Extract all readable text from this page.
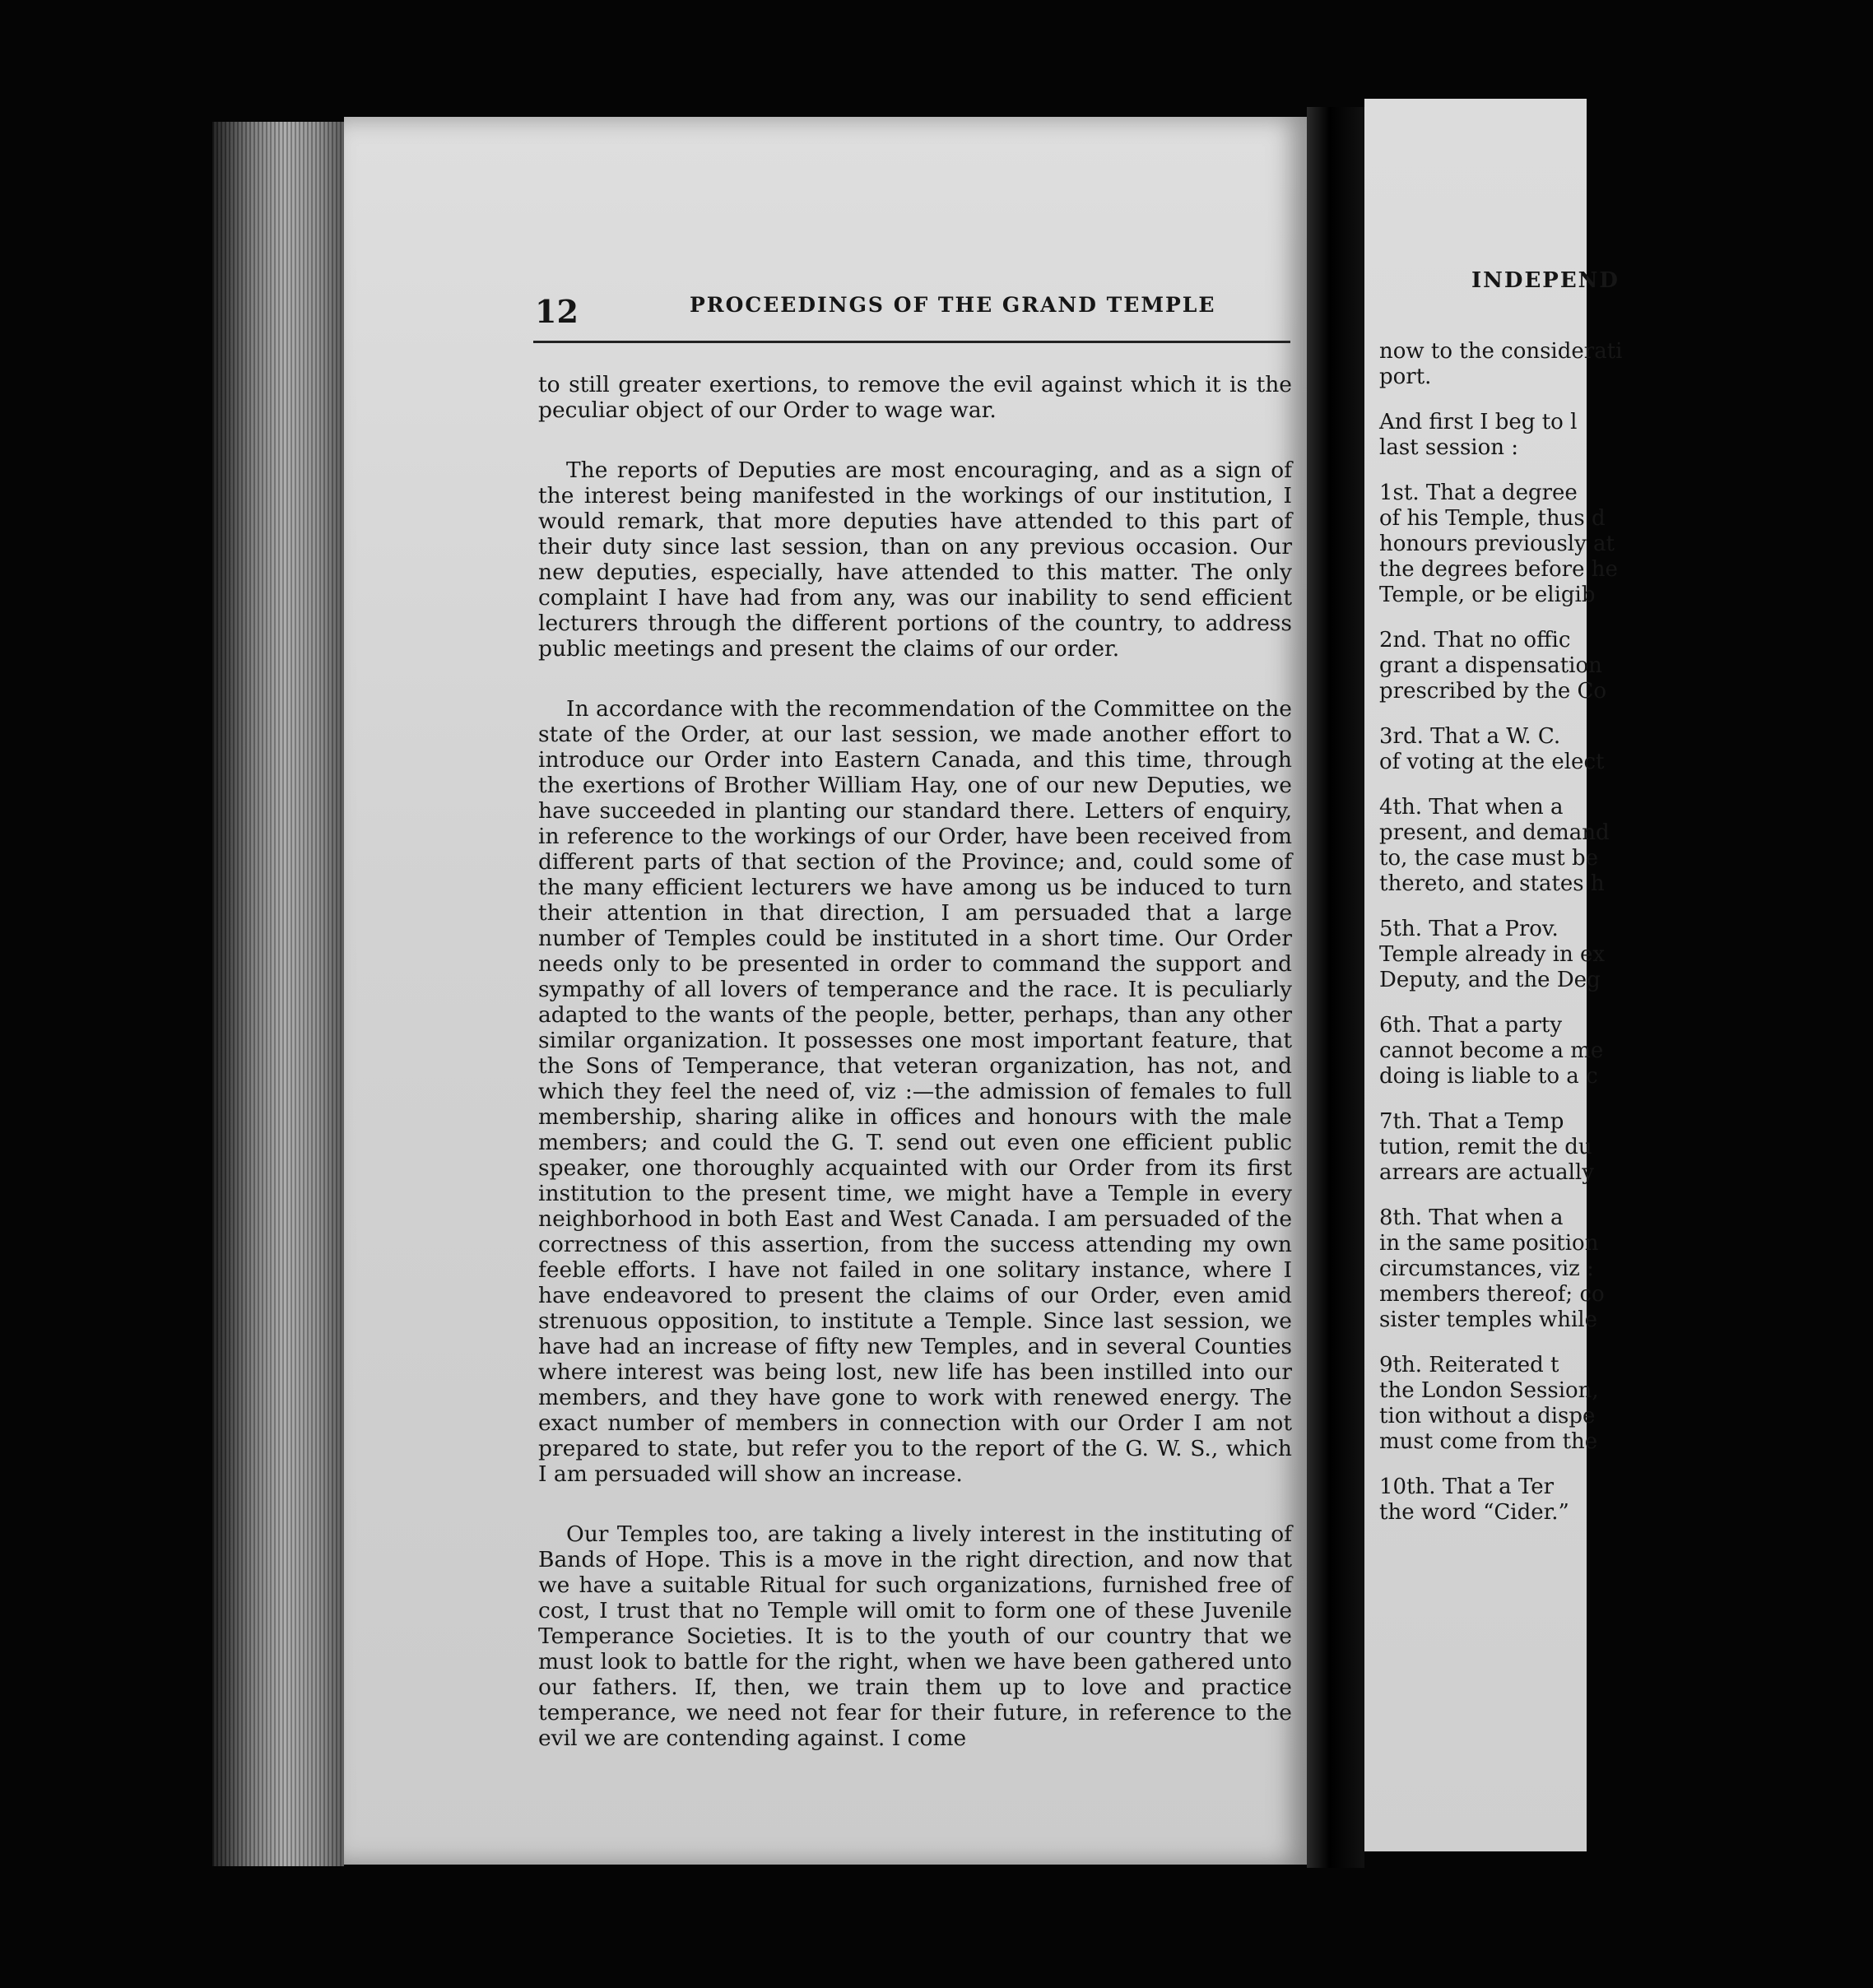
12	PROCEEDINGS OF THE GRAND TEMPLE

to still greater exertions, to remove the evil against which it is the peculiar object of our Order to wage war.

The reports of Deputies are most encouraging, and as a sign of the interest being manifested in the workings of our institution, I would remark, that more deputies have attended to this part of their duty since last session, than on any previous occasion. Our new deputies, especially, have attended to this matter. The only complaint I have had from any, was our inability to send efficient lecturers through the different portions of the country, to address public meetings and present the claims of our order.

In accordance with the recommendation of the Committee on the state of the Order, at our last session, we made another effort to introduce our Order into Eastern Canada, and this time, through the exertions of Brother William Hay, one of our new Deputies, we have succeeded in planting our standard there. Letters of enquiry, in reference to the workings of our Order, have been received from different parts of that section of the Province; and, could some of the many efficient lecturers we have among us be induced to turn their attention in that direction, I am persuaded that a large number of Temples could be instituted in a short time. Our Order needs only to be presented in order to command the support and sympathy of all lovers of temperance and the race. It is peculiarly adapted to the wants of the people, better, perhaps, than any other similar organization. It possesses one most important feature, that the Sons of Temperance, that veteran organization, has not, and which they feel the need of, viz :—the admission of females to full membership, sharing alike in offices and honours with the male members; and could the G. T. send out even one efficient public speaker, one thoroughly acquainted with our Order from its first institution to the present time, we might have a Temple in every neighborhood in both East and West Canada. I am persuaded of the correctness of this assertion, from the success attending my own feeble efforts. I have not failed in one solitary instance, where I have endeavored to present the claims of our Order, even amid strenuous opposition, to institute a Temple. Since last session, we have had an increase of fifty new Temples, and in several Counties where interest was being lost, new life has been instilled into our members, and they have gone to work with renewed energy. The exact number of members in connection with our Order I am not prepared to state, but refer you to the report of the G. W. S., which I am persuaded will show an increase.

Our Temples too, are taking a lively interest in the instituting of Bands of Hope. This is a move in the right direction, and now that we have a suitable Ritual for such organizations, furnished free of cost, I trust that no Temple will omit to form one of these Juvenile Temperance Societies. It is to the youth of our country that we must look to battle for the right, when we have been gathered unto our fathers. If, then, we train them up to love and practice temperance, we need not fear for their future, in reference to the evil we are contending against. I come

INDEPEND

now to the considerati
port.

And first I beg to l
last session :

1st. That a degree
of his Temple, thus d
honours previously at
the degrees before he
Temple, or be eligib

2nd. That no offic
grant a dispensation
prescribed by the Co

3rd. That a W. C.
of voting at the elect

4th. That when a
present, and demand
to, the case must be
thereto, and states h

5th. That a Prov.
Temple already in ex
Deputy, and the Deg

6th. That a party
cannot become a me
doing is liable to a c

7th. That a Temp
tution, remit the du
arrears are actually

8th. That when a
in the same position
circumstances, viz :
members thereof; co
sister temples while

9th. Reiterated t
the London Session,
tion without a dispe
must come from the

10th. That a Ter
the word “Cider.”
